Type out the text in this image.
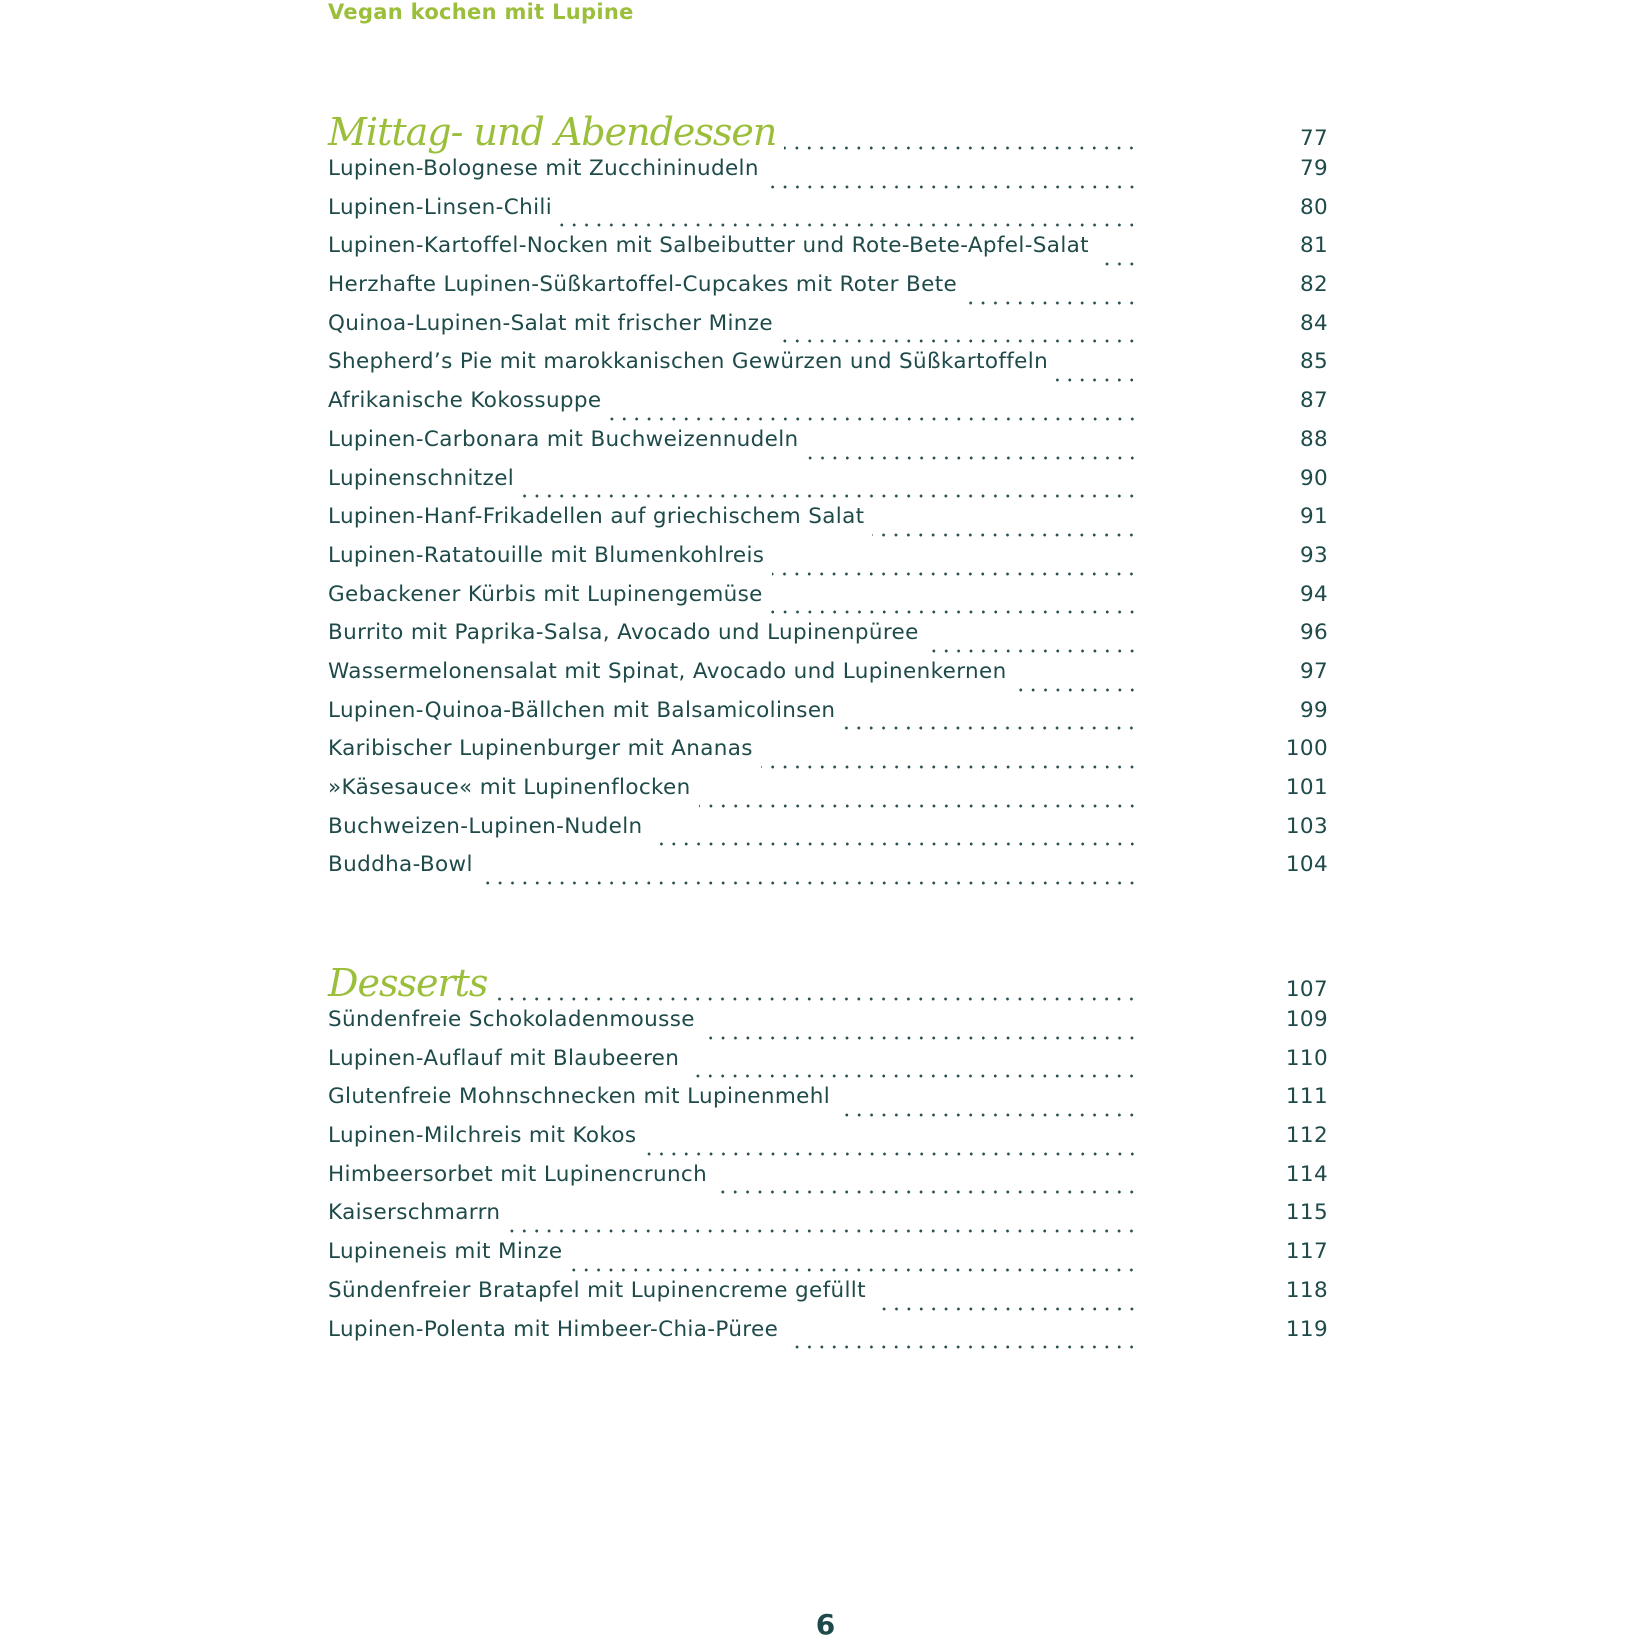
Vegan kochen mit Lupine
Mittag- und Abendessen	77
Lupinen-Bolognese mit Zucchininudeln	79
Lupinen-Linsen-Chili	80
Lupinen-Kartoffel-Nocken mit Salbeibutter und Rote-Bete-Apfel-Salat	81
Herzhafte Lupinen-Süßkartoffel-Cupcakes mit Roter Bete	82
Quinoa-Lupinen-Salat mit frischer Minze	84
Shepherd’s Pie mit marokkanischen Gewürzen und Süßkartoffeln	85
Afrikanische Kokossuppe	87
Lupinen-Carbonara mit Buchweizennudeln	88
Lupinenschnitzel	90
Lupinen-Hanf-Frikadellen auf griechischem Salat	91
Lupinen-Ratatouille mit Blumenkohlreis	93
Gebackener Kürbis mit Lupinengemüse	94
Burrito mit Paprika-Salsa, Avocado und Lupinenpüree	96
Wassermelonensalat mit Spinat, Avocado und Lupinenkernen	97
Lupinen-Quinoa-Bällchen mit Balsamicolinsen	99
Karibischer Lupinenburger mit Ananas	100
»Käsesauce« mit Lupinenflocken	101
Buchweizen-Lupinen-Nudeln	103
Buddha-Bowl	104
Desserts	107
Sündenfreie Schokoladenmousse	109
Lupinen-Auflauf mit Blaubeeren	110
Glutenfreie Mohnschnecken mit Lupinenmehl	111
Lupinen-Milchreis mit Kokos	112
Himbeersorbet mit Lupinencrunch	114
Kaiserschmarrn	115
Lupineneis mit Minze	117
Sündenfreier Bratapfel mit Lupinencreme gefüllt	118
Lupinen-Polenta mit Himbeer-Chia-Püree	119
6
